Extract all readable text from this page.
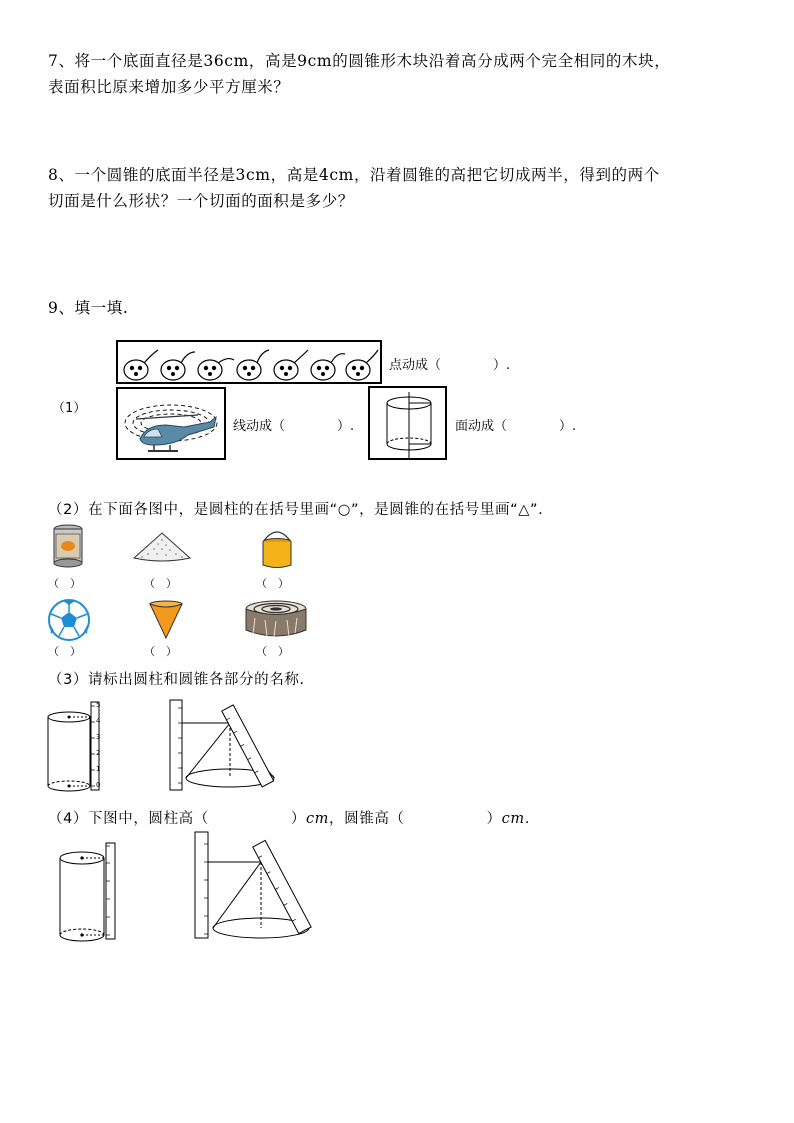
7、将一个底面直径是36cm，高是9cm的圆锥形木块沿着高分成两个完全相同的木块，
表面积比原来增加多少平方厘米？
8、一个圆锥的底面半径是3cm，高是4cm，沿着圆锥的高把它切成两半，得到的两个
切面是什么形状？一个切面的面积是多少？
9、填一填.
点动成（　　　　）.
（1）
线动成（　　　　）.	面动成（　　　　）.
（2）在下面各图中，是圆柱的在括号里画“○”，是圆锥的在括号里画“△”.
（　）	（　）	（　）
（　）	（　）	（　）
（3）请标出圆柱和圆锥各部分的名称.
0
1
2
3
4
5
（4）下图中，圆柱高（	）cm，圆锥高（	）cm.
